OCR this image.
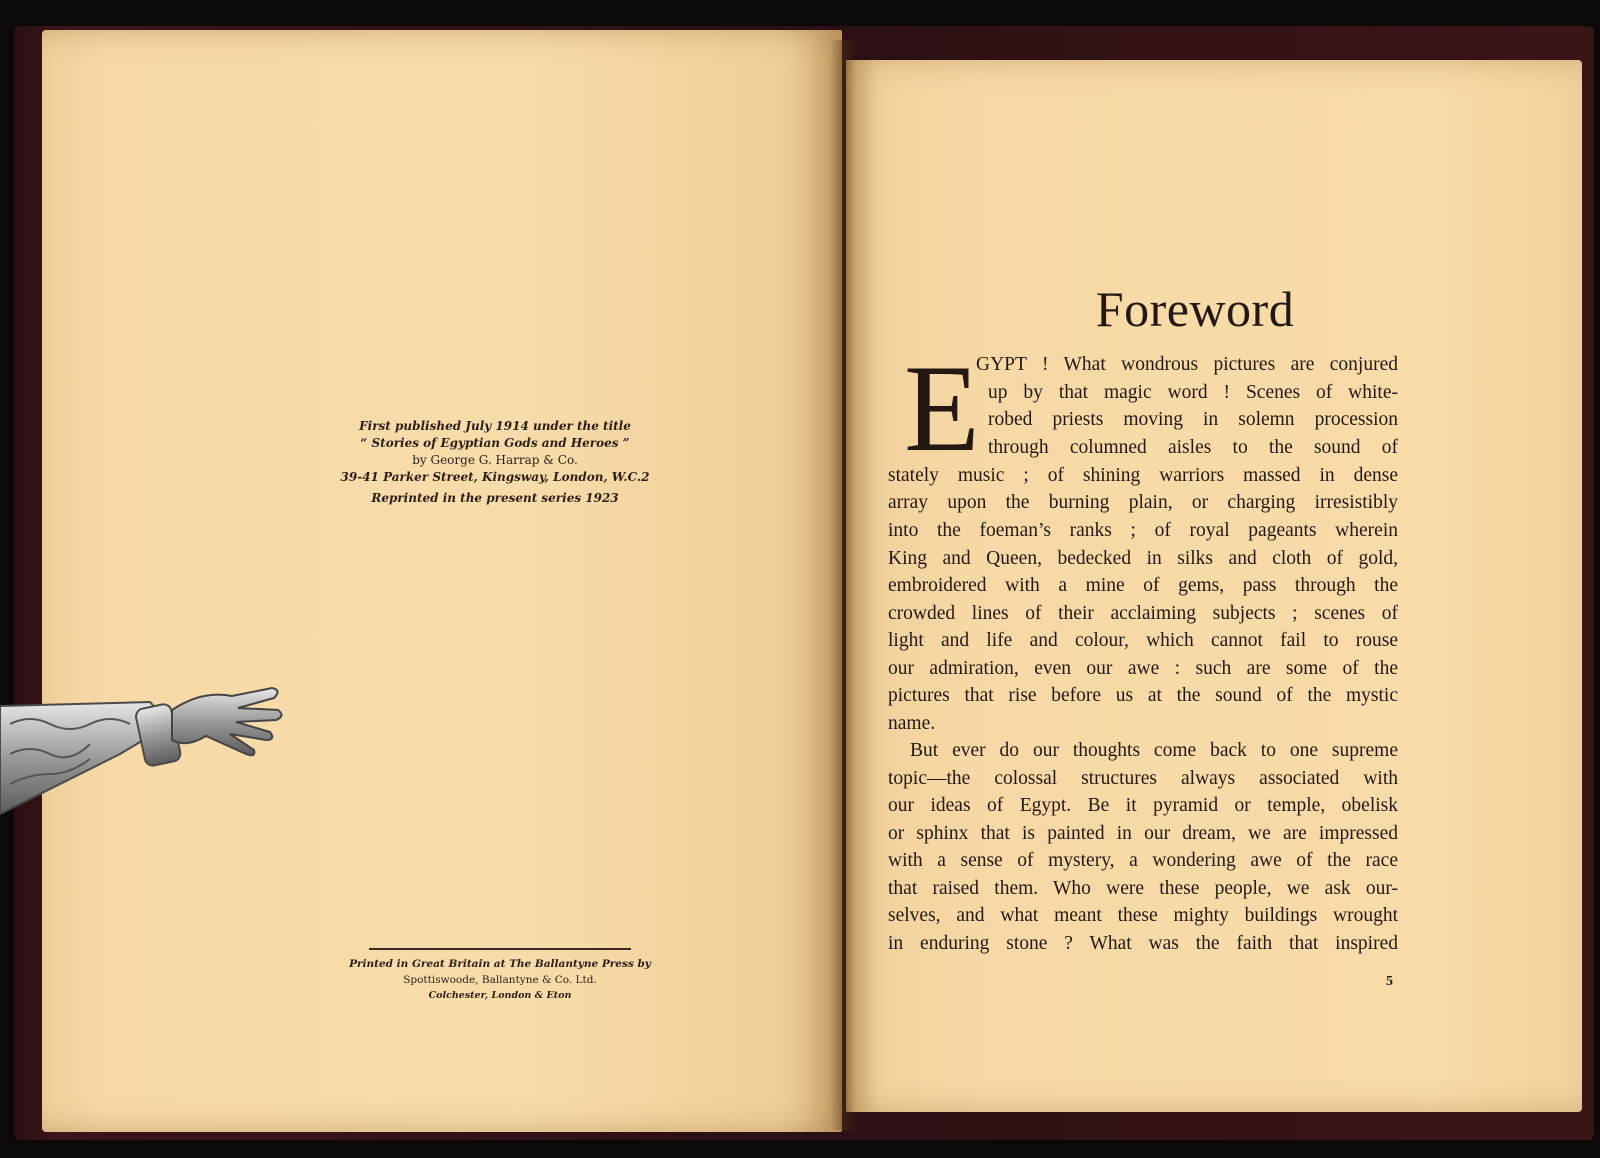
First published July 1914 under the title
“ Stories of Egyptian Gods and Heroes ”
by George G. Harrap & Co.
39-41 Parker Street, Kingsway, London, W.C.2
Reprinted in the present series 1923
Printed in Great Britain at The Ballantyne Press by
Spottiswoode, Ballantyne & Co. Ltd.
Colchester, London & Eton
Foreword
E
GYPT ! What wondrous pictures are conjured
up by that magic word ! Scenes of white-
robed priests moving in solemn procession
through columned aisles to the sound of
stately music ; of shining warriors massed in dense
array upon the burning plain, or charging irresistibly
into the foeman’s ranks ; of royal pageants wherein
King and Queen, bedecked in silks and cloth of gold,
embroidered with a mine of gems, pass through the
crowded lines of their acclaiming subjects ; scenes of
light and life and colour, which cannot fail to rouse
our admiration, even our awe : such are some of the
pictures that rise before us at the sound of the mystic
name.
But ever do our thoughts come back to one supreme
topic—the colossal structures always associated with
our ideas of Egypt. Be it pyramid or temple, obelisk
or sphinx that is painted in our dream, we are impressed
with a sense of mystery, a wondering awe of the race
that raised them. Who were these people, we ask our-
selves, and what meant these mighty buildings wrought
in enduring stone ? What was the faith that inspired
5
